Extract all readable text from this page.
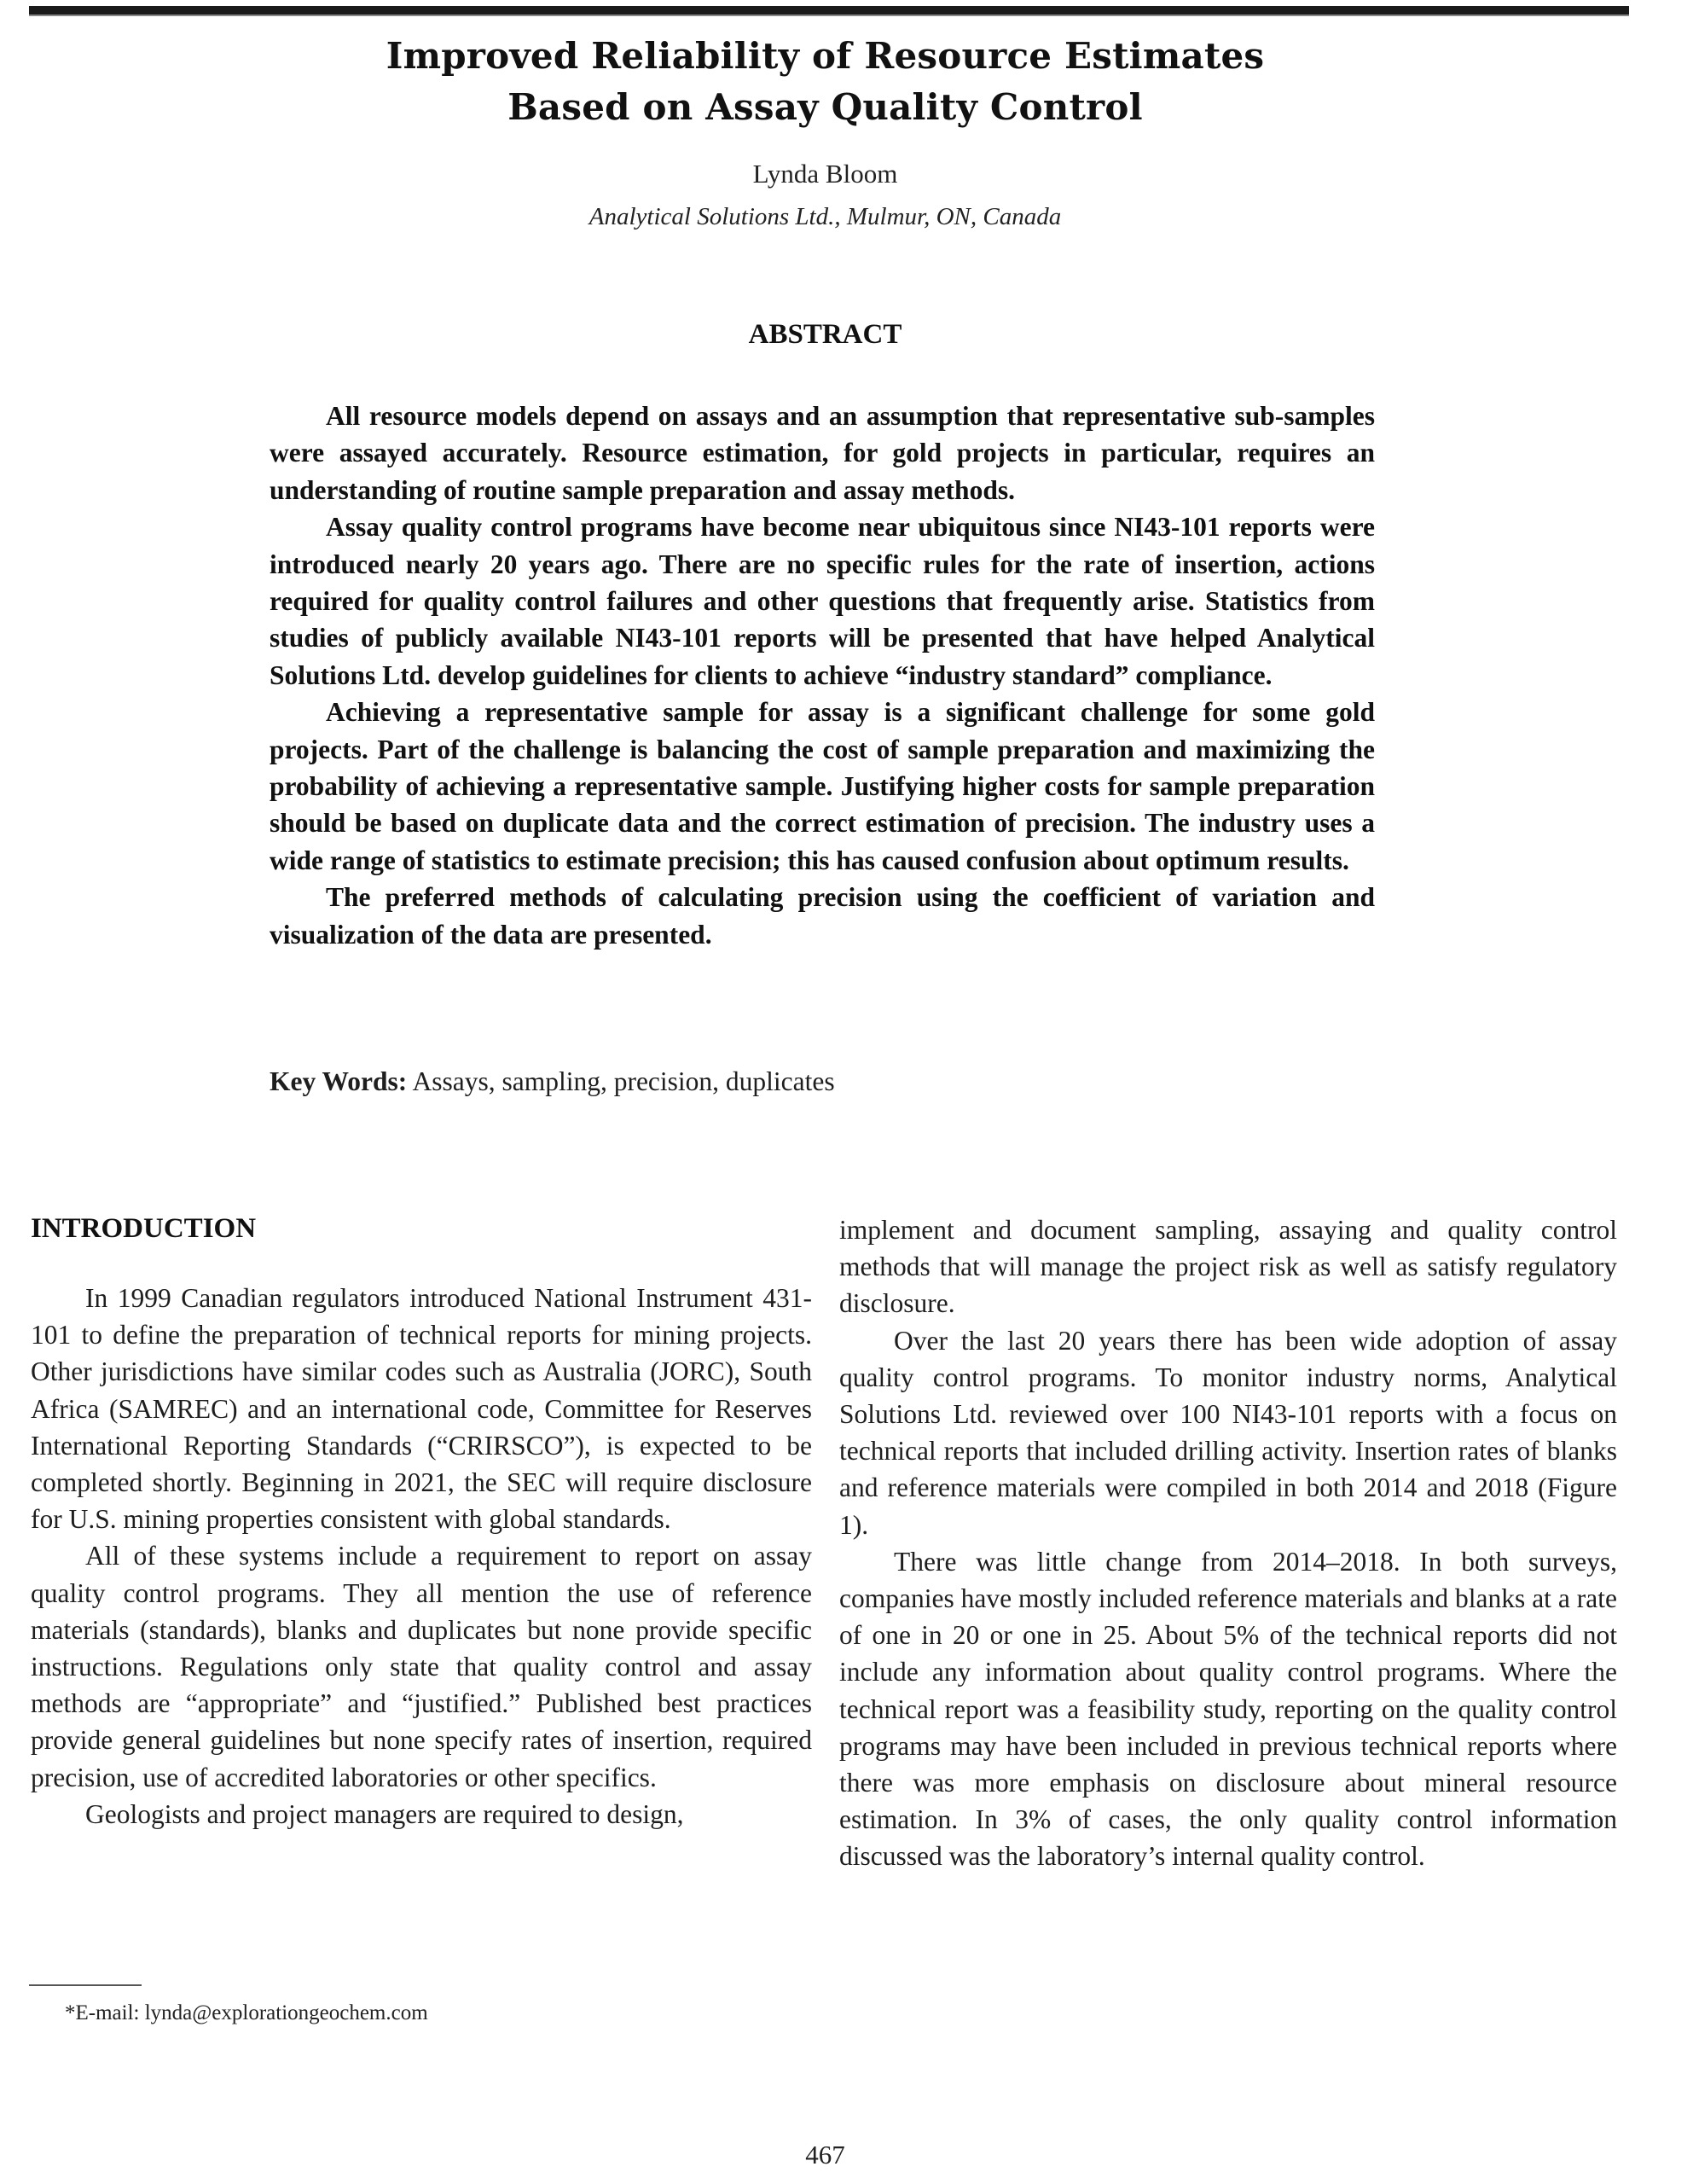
Improved Reliability of Resource Estimates
Based on Assay Quality Control
Lynda Bloom
Analytical Solutions Ltd., Mulmur, ON, Canada
ABSTRACT

All resource models depend on assays and an assumption that representative sub-samples were assayed accurately. Resource estimation, for gold projects in particular, requires an understanding of routine sample preparation and assay methods.

Assay quality control programs have become near ubiquitous since NI43-101 reports were introduced nearly 20 years ago. There are no specific rules for the rate of insertion, actions required for quality control failures and other questions that frequently arise. Statistics from studies of publicly available NI43-101 reports will be presented that have helped Analytical Solutions Ltd. develop guidelines for clients to achieve “industry standard” compliance.

Achieving a representative sample for assay is a significant challenge for some gold projects. Part of the challenge is balancing the cost of sample preparation and maximizing the probability of achieving a representative sample. Justifying higher costs for sample preparation should be based on duplicate data and the correct estimation of precision. The industry uses a wide range of statistics to estimate precision; this has caused confusion about optimum results.

The preferred methods of calculating precision using the coefficient of variation and visualization of the data are presented.

Key Words: Assays, sampling, precision, duplicates
INTRODUCTION

In 1999 Canadian regulators introduced National Instrument 431-101 to define the preparation of technical reports for mining projects. Other jurisdictions have similar codes such as Australia (JORC), South Africa (SAMREC) and an international code, Committee for Reserves International Reporting Standards (“CRIRSCO”), is expected to be completed shortly. Beginning in 2021, the SEC will require disclosure for U.S. mining properties consistent with global standards.

All of these systems include a requirement to report on assay quality control programs. They all mention the use of reference materials (standards), blanks and duplicates but none provide specific instructions. Regulations only state that quality control and assay methods are “appropriate” and “justified.” Published best practices provide general guidelines but none specify rates of insertion, required precision, use of accredited laboratories or other specifics.

Geologists and project managers are required to design,

implement and document sampling, assaying and quality control methods that will manage the project risk as well as satisfy regulatory disclosure.

Over the last 20 years there has been wide adoption of assay quality control programs. To monitor industry norms, Analytical Solutions Ltd. reviewed over 100 NI43-101 reports with a focus on technical reports that included drilling activity. Insertion rates of blanks and reference materials were compiled in both 2014 and 2018 (Figure 1).

There was little change from 2014–2018. In both surveys, companies have mostly included reference materials and blanks at a rate of one in 20 or one in 25. About 5% of the technical reports did not include any information about quality control programs. Where the technical report was a feasibility study, reporting on the quality control programs may have been included in previous technical reports where there was more emphasis on disclosure about mineral resource estimation. In 3% of cases, the only quality control information discussed was the laboratory’s internal quality control.

*E-mail: lynda@explorationgeochem.com
467
